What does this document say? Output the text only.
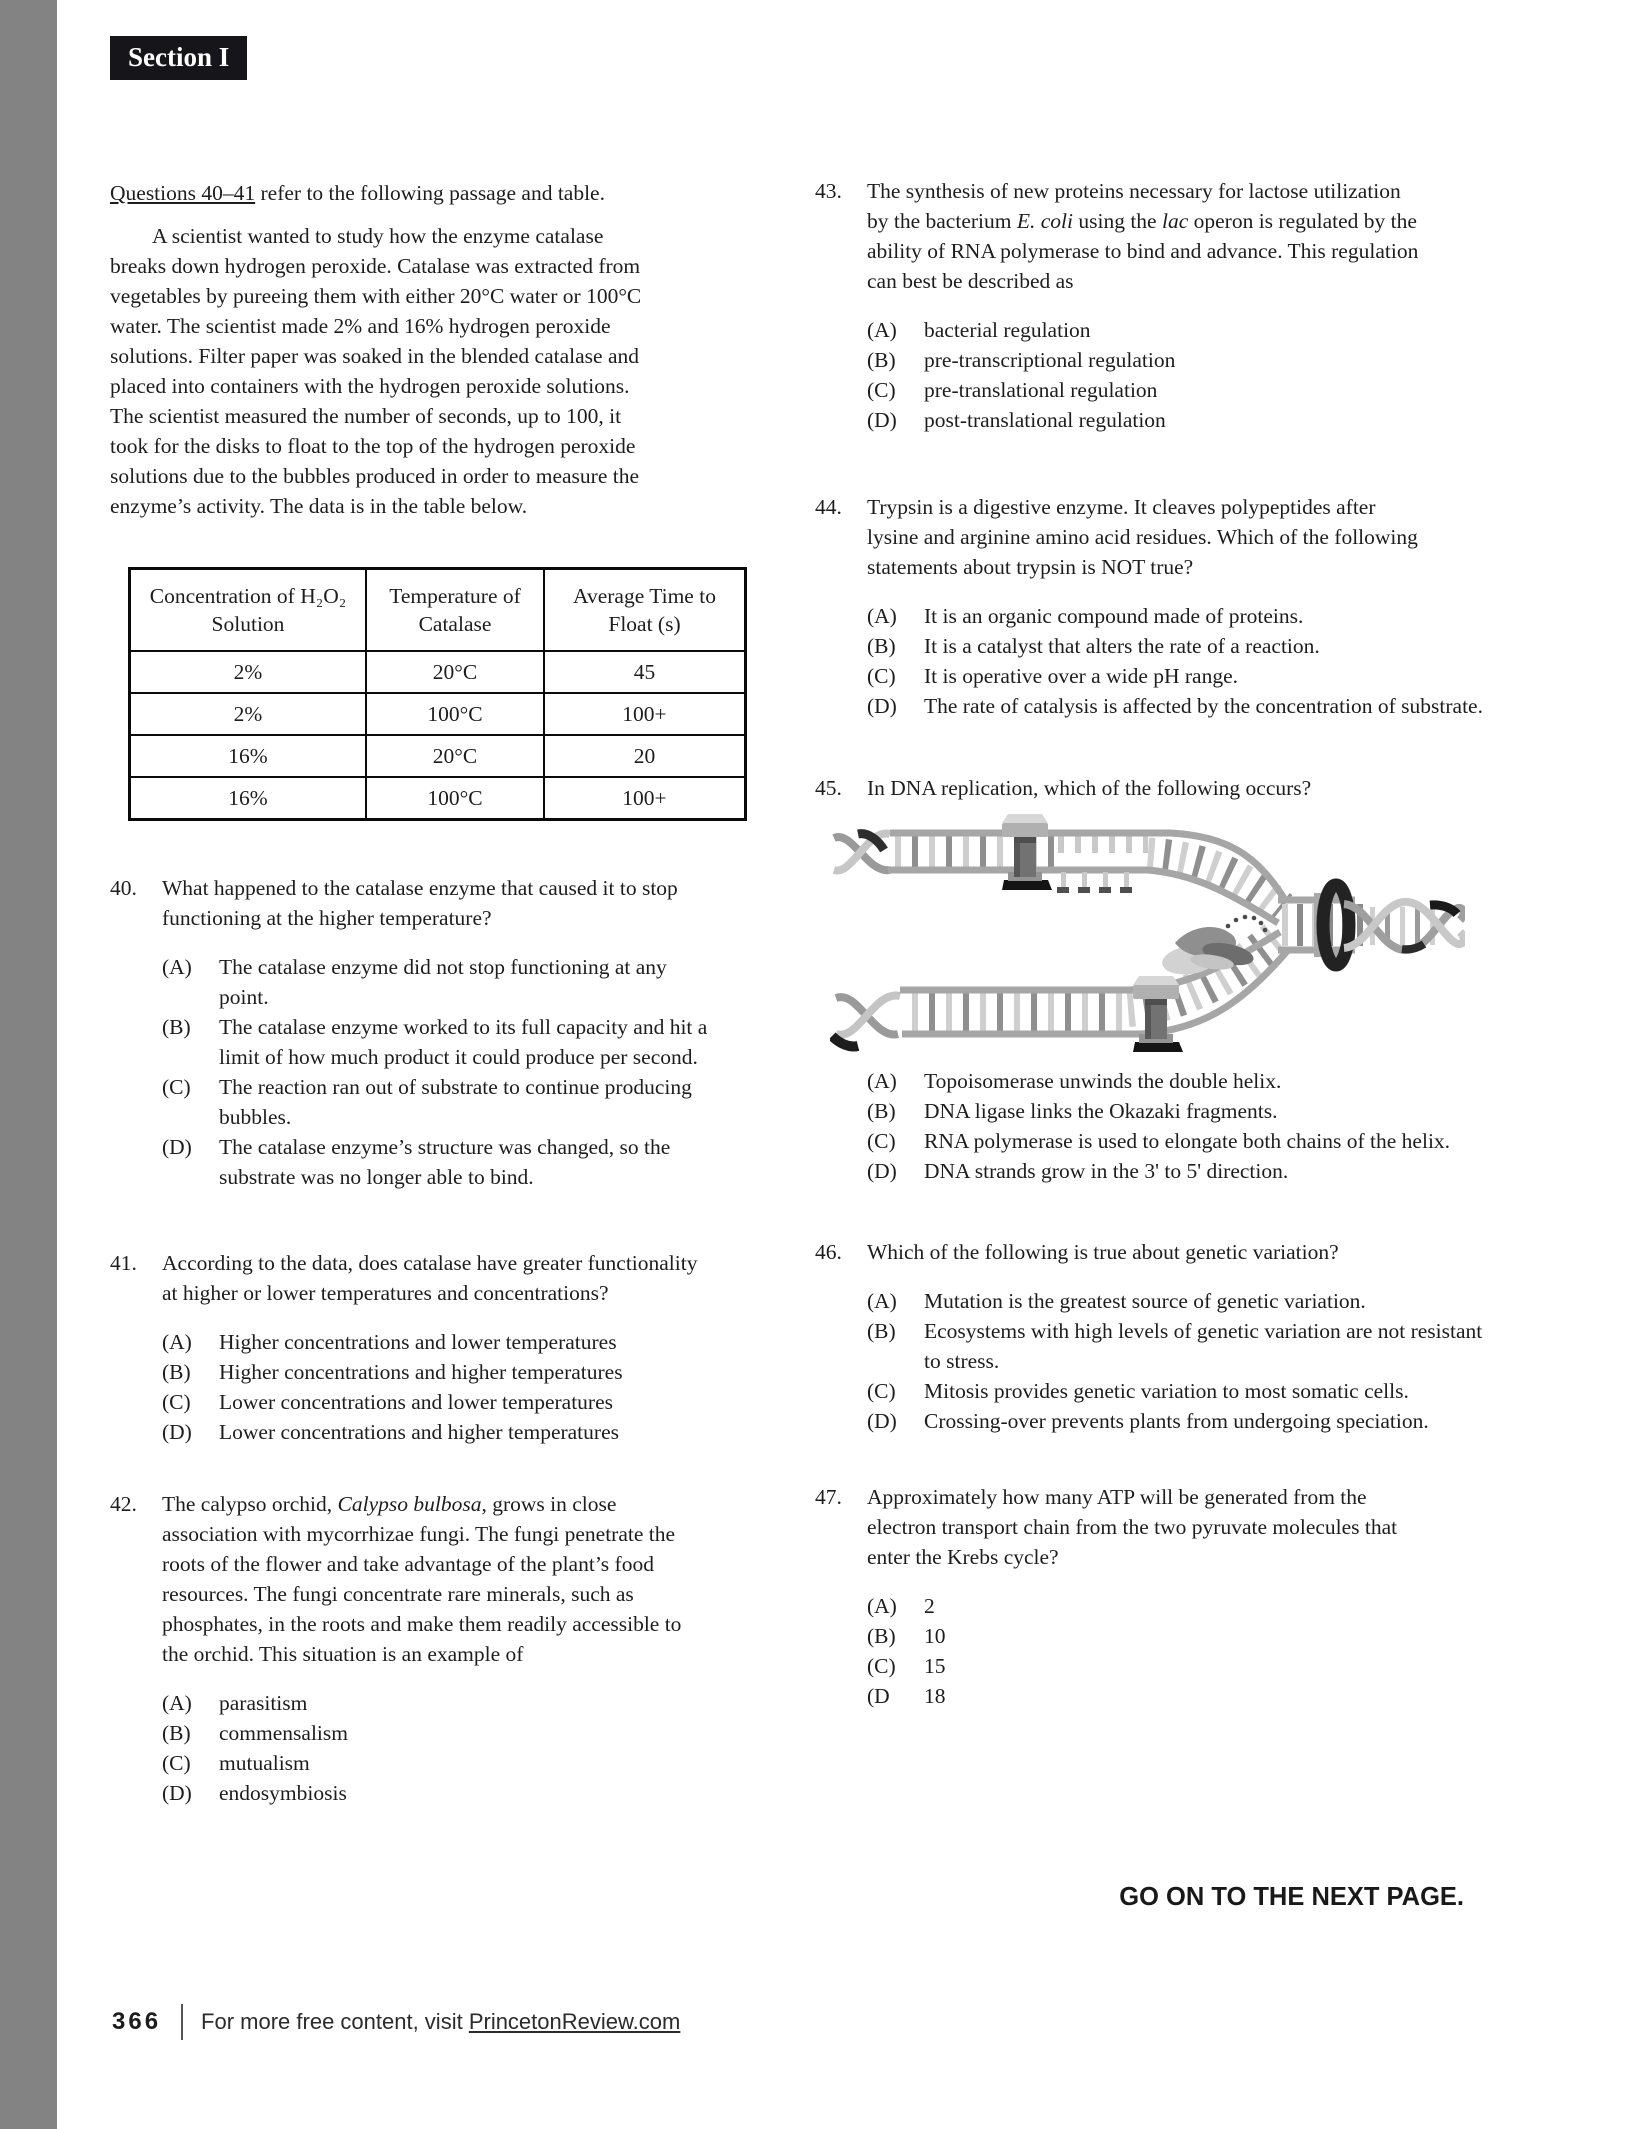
Section I

Questions 40–41 refer to the following passage and table.

A scientist wanted to study how the enzyme catalase breaks down hydrogen peroxide. Catalase was extracted from vegetables by pureeing them with either 20°C water or 100°C water. The scientist made 2% and 16% hydrogen peroxide solutions. Filter paper was soaked in the blended catalase and placed into containers with the hydrogen peroxide solutions. The scientist measured the number of seconds, up to 100, it took for the disks to float to the top of the hydrogen peroxide solutions due to the bubbles produced in order to measure the enzyme’s activity. The data is in the table below.

Concentration of H₂O₂ Solution	Temperature of Catalase	Average Time to Float (s)
2%	20°C	45
2%	100°C	100+
16%	20°C	20
16%	100°C	100+
40.	What happened to the catalase enzyme that caused it to stop functioning at the higher temperature?
(A)	The catalase enzyme did not stop functioning at any point.
(B)	The catalase enzyme worked to its full capacity and hit a limit of how much product it could produce per second.
(C)	The reaction ran out of substrate to continue producing bubbles.
(D)	The catalase enzyme’s structure was changed, so the substrate was no longer able to bind.
41.	According to the data, does catalase have greater functionality at higher or lower temperatures and concentrations?
(A)	Higher concentrations and lower temperatures
(B)	Higher concentrations and higher temperatures
(C)	Lower concentrations and lower temperatures
(D)	Lower concentrations and higher temperatures
42.	The calypso orchid, Calypso bulbosa, grows in close association with mycorrhizae fungi. The fungi penetrate the roots of the flower and take advantage of the plant’s food resources. The fungi concentrate rare minerals, such as phosphates, in the roots and make them readily accessible to the orchid. This situation is an example of
(A)	parasitism
(B)	commensalism
(C)	mutualism
(D)	endosymbiosis
43.	The synthesis of new proteins necessary for lactose utilization by the bacterium E. coli using the lac operon is regulated by the ability of RNA polymerase to bind and advance. This regulation can best be described as
(A)	bacterial regulation
(B)	pre-transcriptional regulation
(C)	pre-translational regulation
(D)	post-translational regulation
44.	Trypsin is a digestive enzyme. It cleaves polypeptides after lysine and arginine amino acid residues. Which of the following statements about trypsin is NOT true?
(A)	It is an organic compound made of proteins.
(B)	It is a catalyst that alters the rate of a reaction.
(C)	It is operative over a wide pH range.
(D)	The rate of catalysis is affected by the concentration of substrate.
45.	In DNA replication, which of the following occurs?
(A)	Topoisomerase unwinds the double helix.
(B)	DNA ligase links the Okazaki fragments.
(C)	RNA polymerase is used to elongate both chains of the helix.
(D)	DNA strands grow in the 3' to 5' direction.
46.	Which of the following is true about genetic variation?
(A)	Mutation is the greatest source of genetic variation.
(B)	Ecosystems with high levels of genetic variation are not resistant to stress.
(C)	Mitosis provides genetic variation to most somatic cells.
(D)	Crossing-over prevents plants from undergoing speciation.
47.	Approximately how many ATP will be generated from the electron transport chain from the two pyruvate molecules that enter the Krebs cycle?
(A)	2
(B)	10
(C)	15
(D	18
GO ON TO THE NEXT PAGE.
366 For more free content, visit PrincetonReview.com
